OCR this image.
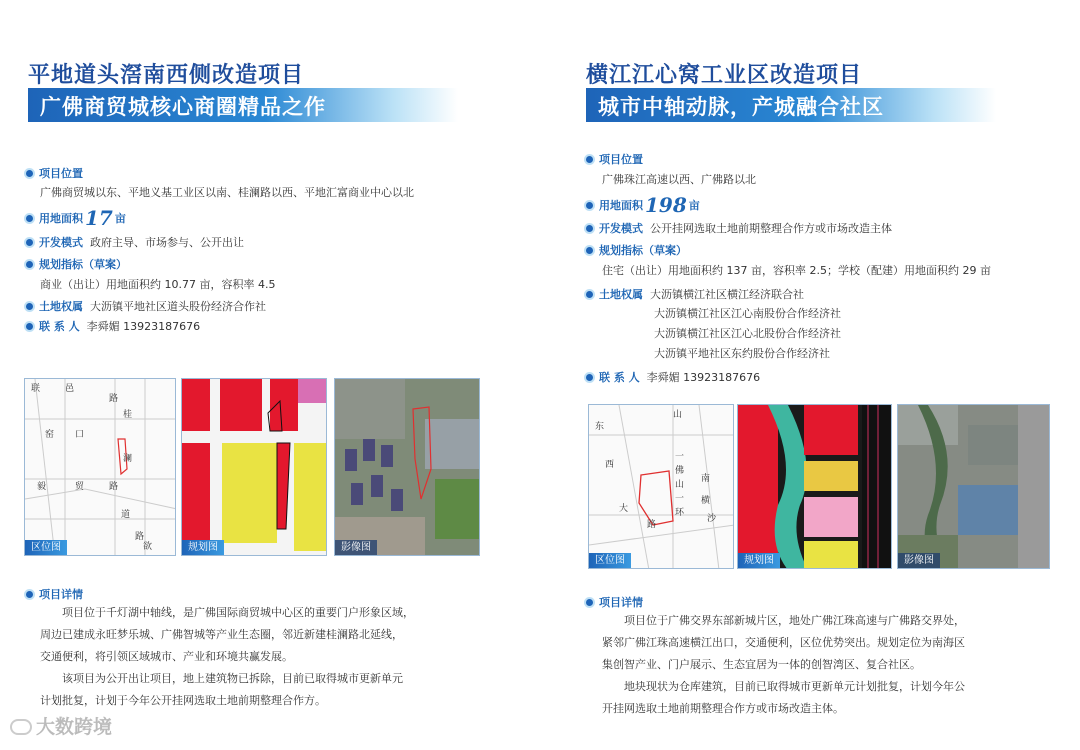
平地道头滘南西侧改造项目
广佛商贸城核心商圈精品之作
项目位置
广佛商贸城以东、平地义基工业区以南、桂澜路以西、平地汇富商业中心以北
用地面积 17 亩
开发模式 政府主导、市场参与、公开出让
规划指标（草案）
商业（出让）用地面积约 10.77 亩，容积率 4.5
土地权属 大沥镇平地社区道头股份经济合作社
联 系 人 李舜媚 13923187676
联	邑
路
桂
窑 口
澜
毅	贸	路
道
路
欲
区位图	规划图	影像图
项目详情
项目位于千灯湖中轴线，是广佛国际商贸城中心区的重要门户形象区域，
周边已建成永旺梦乐城、广佛智城等产业生态圈，邻近新建桂澜路北延线，
交通便利，将引领区域城市、产业和环境共赢发展。
该项目为公开出让项目，地上建筑物已拆除，目前已取得城市更新单元
计划批复，计划于今年公开挂网选取土地前期整理合作方。
横江江心窝工业区改造项目
城市中轴动脉，产城融合社区
项目位置
广佛珠江高速以西、广佛路以北
用地面积 198 亩
开发模式 公开挂网选取土地前期整理合作方或市场改造主体
规划指标（草案）
住宅（出让）用地面积约 137 亩，容积率 2.5；学校（配建）用地面积约 29 亩
土地权属 大沥镇横江社区横江经济联合社
大沥镇横江社区江心南股份合作经济社
大沥镇横江社区江心北股份合作经济社
大沥镇平地社区东约股份合作经济社
联 系 人 李舜媚 13923187676
山
东
西
一
佛
山
一
环
南
大
横
路
沙
区位图	规划图	影像图
项目详情
项目位于广佛交界东部新城片区，地处广佛江珠高速与广佛路交界处，
紧邻广佛江珠高速横江出口，交通便利，区位优势突出。规划定位为南海区
集创智产业、门户展示、生态宜居为一体的创智湾区、复合社区。
地块现状为仓库建筑，目前已取得城市更新单元计划批复，计划今年公
开挂网选取土地前期整理合作方或市场改造主体。
大数跨境
